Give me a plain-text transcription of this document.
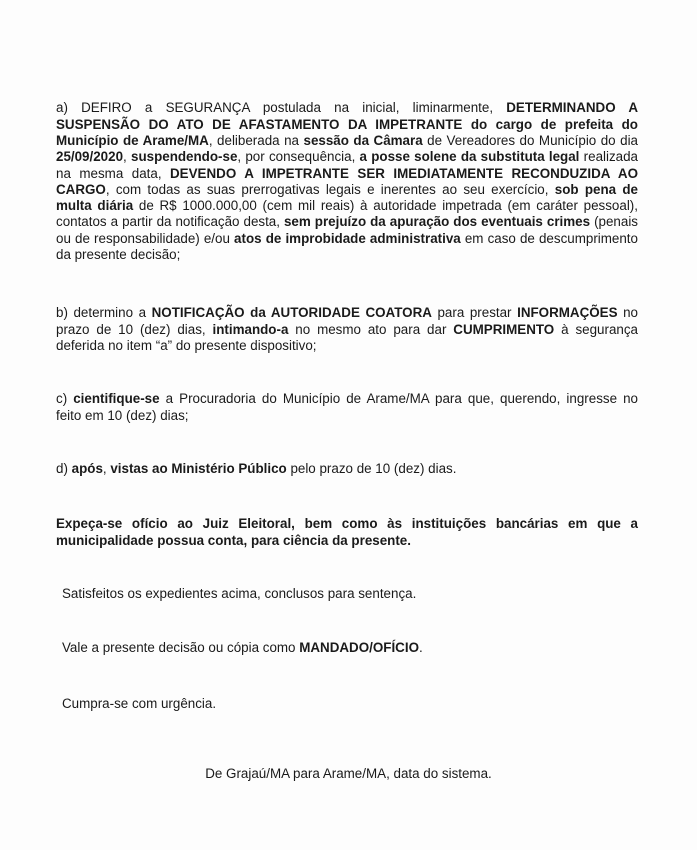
a) DEFIRO a SEGURANÇA postulada na inicial, liminarmente, DETERMINANDO A SUSPENSÃO DO ATO DE AFASTAMENTO DA IMPETRANTE do cargo de prefeita do Município de Arame/MA, deliberada na sessão da Câmara de Vereadores do Município do dia 25/09/2020, suspendendo-se, por consequência, a posse solene da substituta legal realizada na mesma data, DEVENDO A IMPETRANTE SER IMEDIATAMENTE RECONDUZIDA AO CARGO, com todas as suas prerrogativas legais e inerentes ao seu exercício, sob pena de multa diária de R$ 1000.000,00 (cem mil reais) à autoridade impetrada (em caráter pessoal), contatos a partir da notificação desta, sem prejuízo da apuração dos eventuais crimes (penais ou de responsabilidade) e/ou atos de improbidade administrativa em caso de descumprimento da presente decisão;

b) determino a NOTIFICAÇÃO da AUTORIDADE COATORA para prestar INFORMAÇÕES no prazo de 10 (dez) dias, intimando-a no mesmo ato para dar CUMPRIMENTO à segurança deferida no item “a” do presente dispositivo;

c) cientifique-se a Procuradoria do Município de Arame/MA para que, querendo, ingresse no feito em 10 (dez) dias;

d) após, vistas ao Ministério Público pelo prazo de 10 (dez) dias.

Expeça-se ofício ao Juiz Eleitoral, bem como às instituições bancárias em que a municipalidade possua conta, para ciência da presente.

Satisfeitos os expedientes acima, conclusos para sentença.

Vale a presente decisão ou cópia como MANDADO/OFÍCIO.

Cumpra-se com urgência.

De Grajaú/MA para Arame/MA, data do sistema.
